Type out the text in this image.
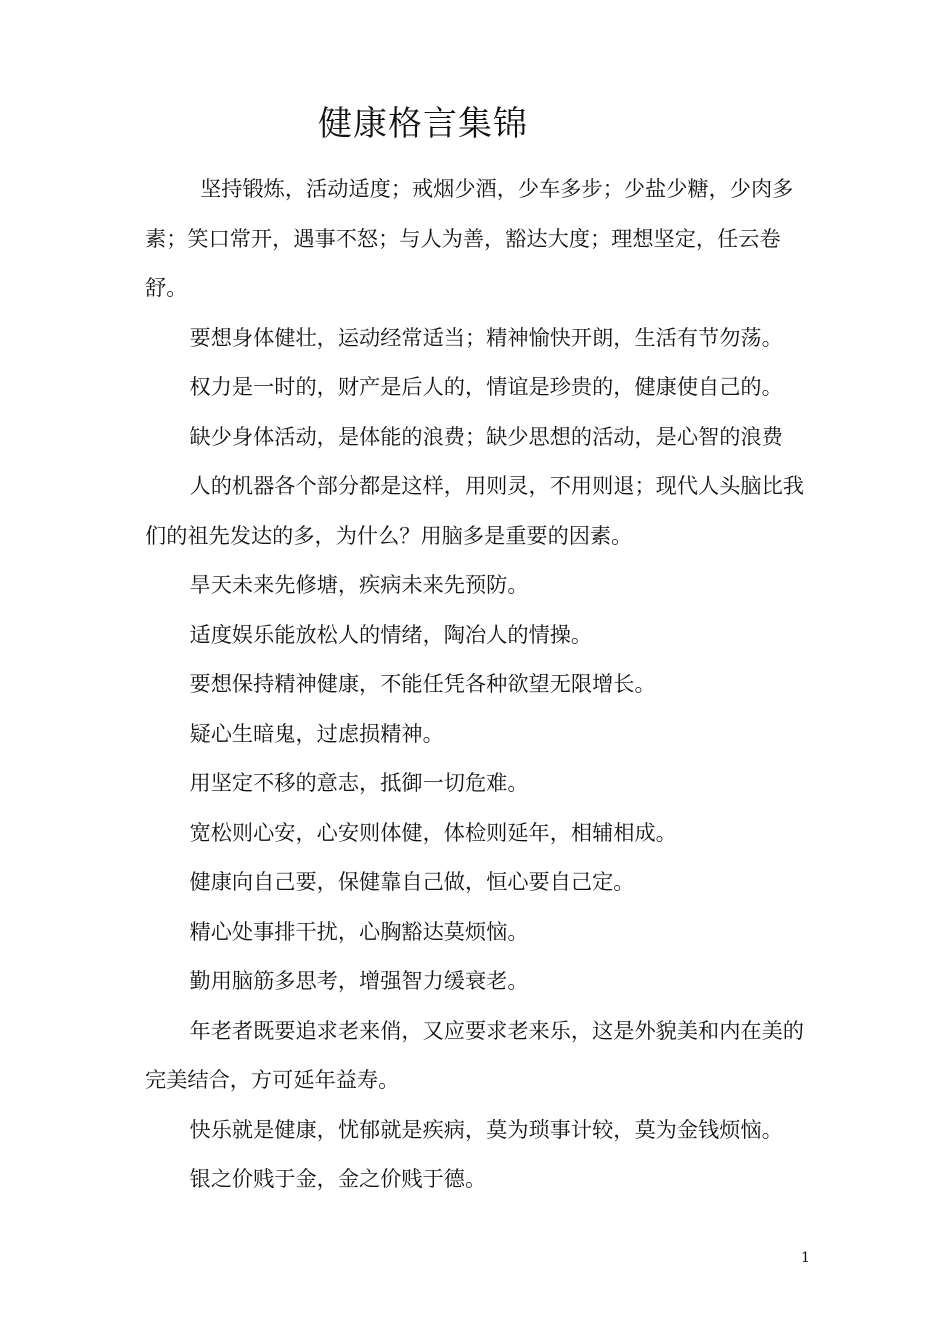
健康格言集锦

坚持锻炼，活动适度；戒烟少酒，少车多步；少盐少糖，少肉多素；笑口常开，遇事不怒；与人为善，豁达大度；理想坚定，任云卷舒。

要想身体健壮，运动经常适当；精神愉快开朗，生活有节勿荡。

权力是一时的，财产是后人的，情谊是珍贵的，健康使自己的。

缺少身体活动，是体能的浪费；缺少思想的活动，是心智的浪费

人的机器各个部分都是这样，用则灵，不用则退；现代人头脑比我们的祖先发达的多，为什么？用脑多是重要的因素。

旱天未来先修塘，疾病未来先预防。

适度娱乐能放松人的情绪，陶冶人的情操。

要想保持精神健康，不能任凭各种欲望无限增长。

疑心生暗鬼，过虑损精神。

用坚定不移的意志，抵御一切危难。

宽松则心安，心安则体健，体检则延年，相辅相成。

健康向自己要，保健靠自己做，恒心要自己定。

精心处事排干扰，心胸豁达莫烦恼。

勤用脑筋多思考，增强智力缓衰老。

年老者既要追求老来俏，又应要求老来乐，这是外貌美和内在美的完美结合，方可延年益寿。

快乐就是健康，忧郁就是疾病，莫为琐事计较，莫为金钱烦恼。

银之价贱于金，金之价贱于德。

1
